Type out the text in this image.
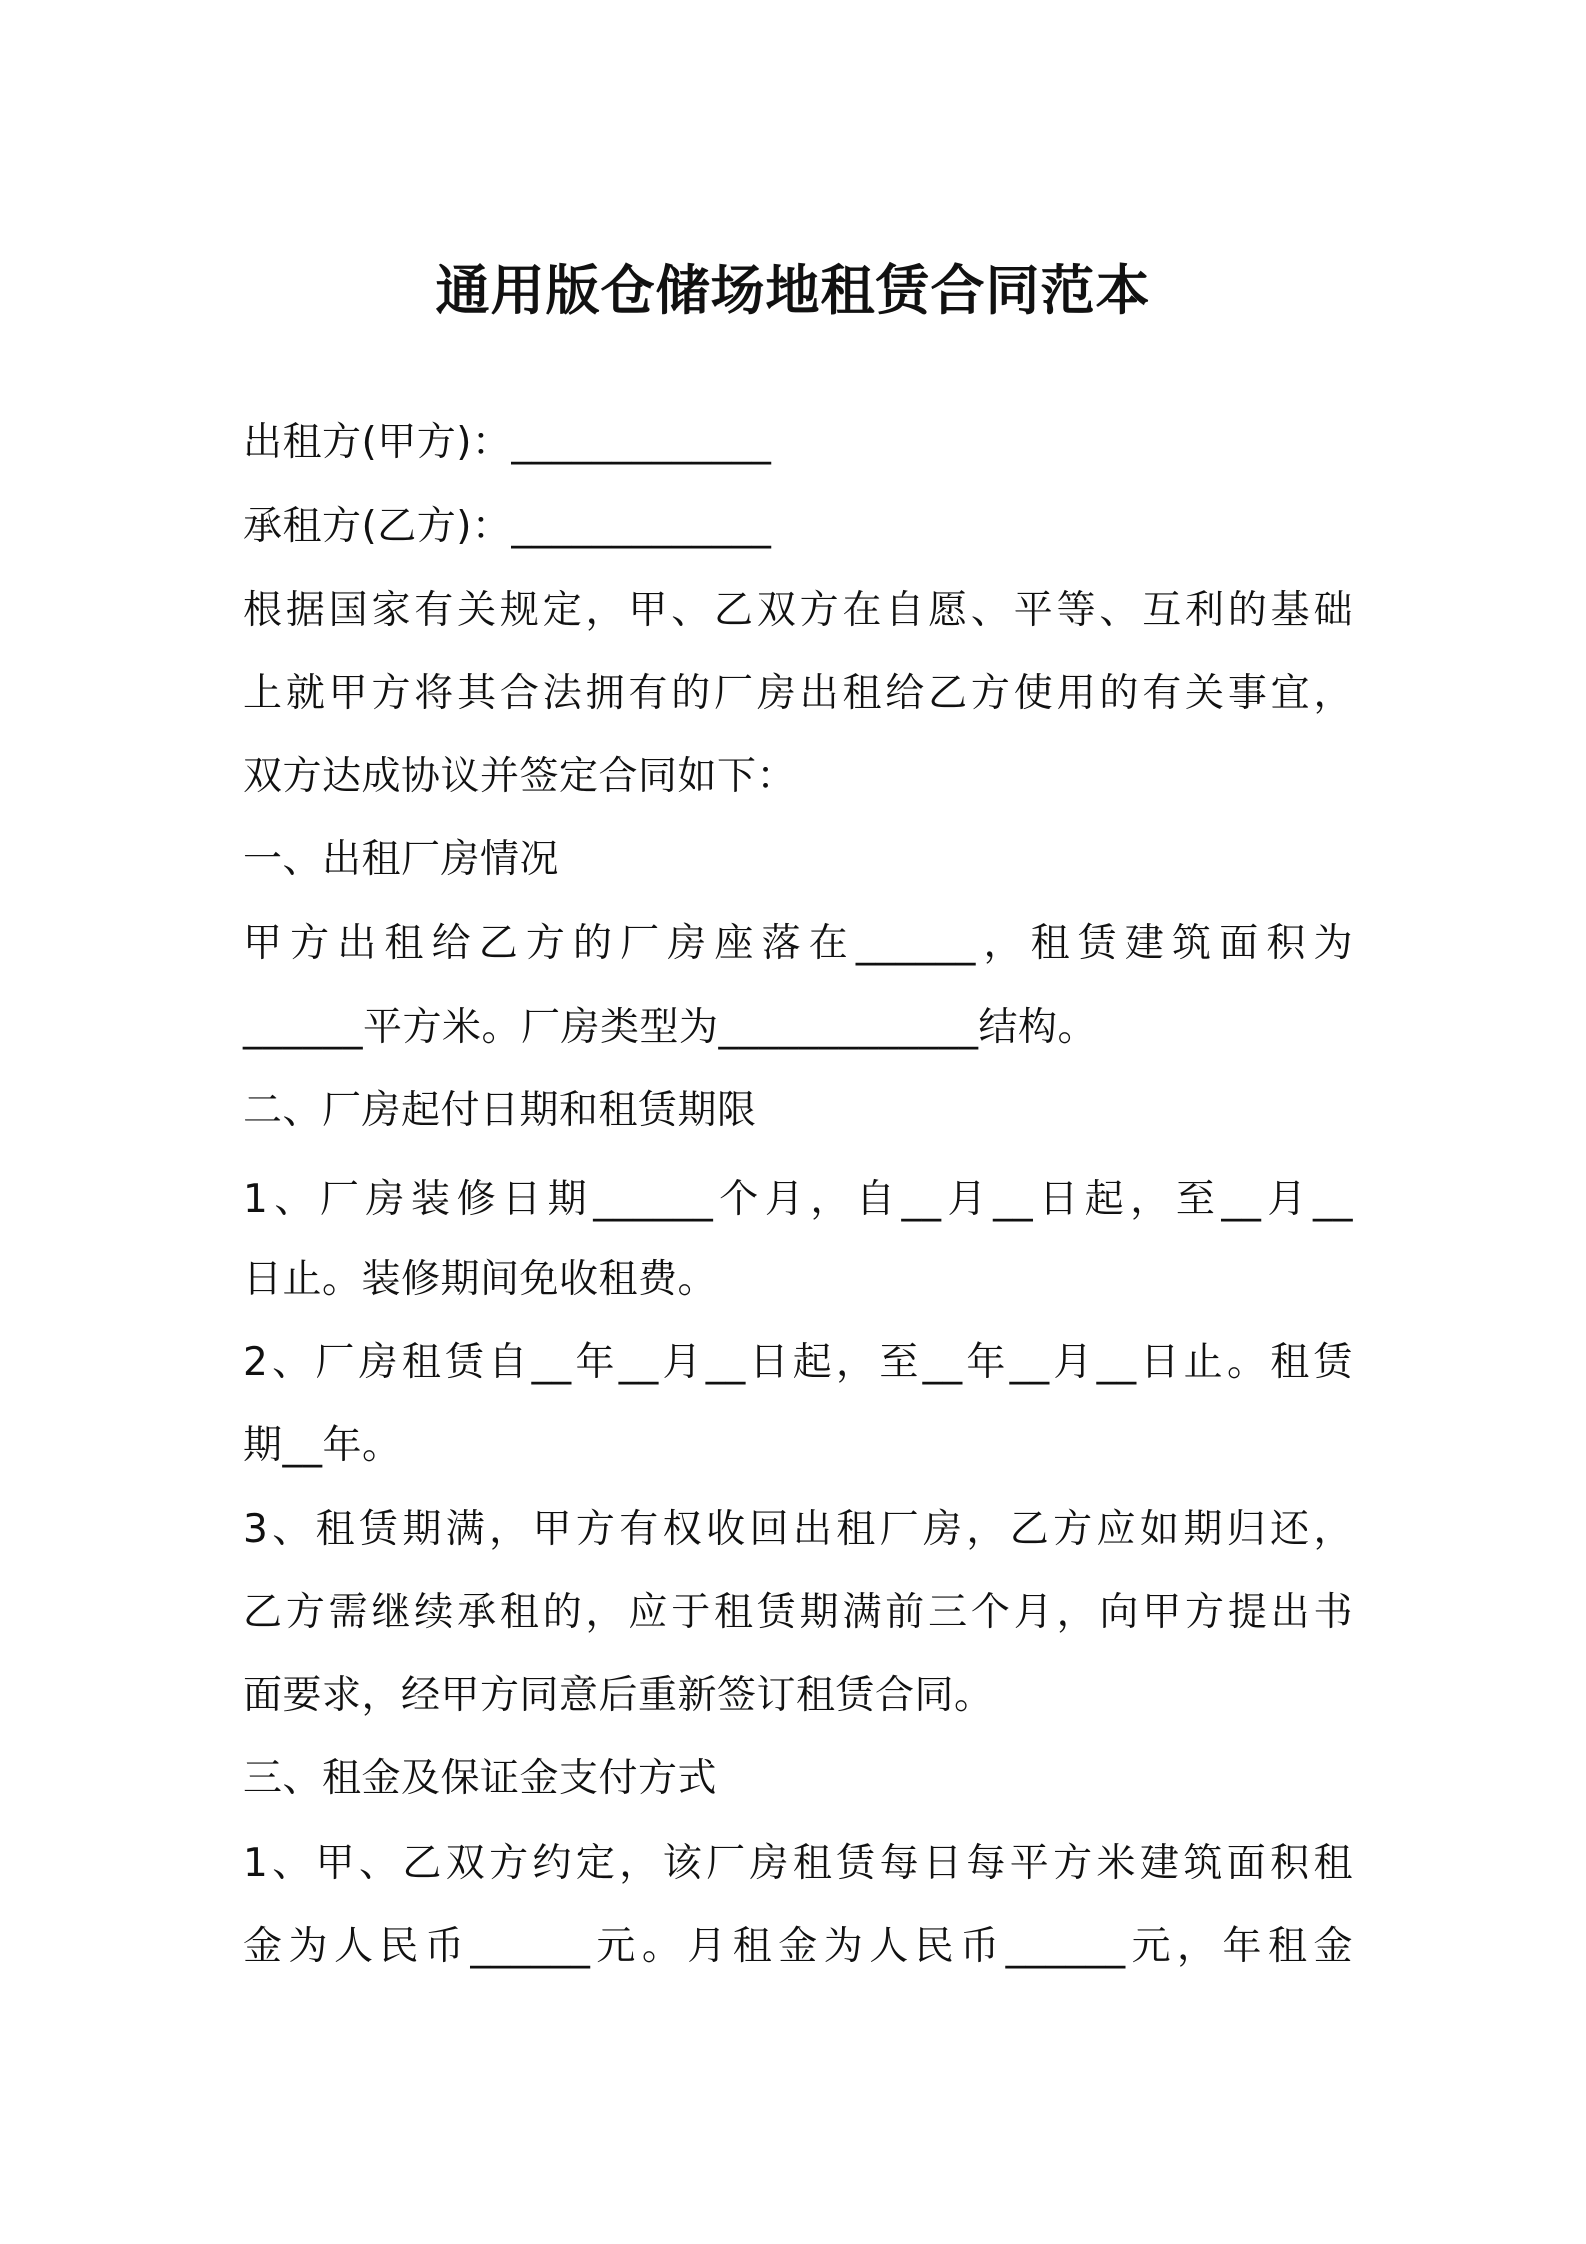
通用版仓储场地租赁合同范本
出租方(甲方)：_____________
承租方(乙方)：_____________
根据国家有关规定，甲、乙双方在自愿、平等、互利的基础
上就甲方将其合法拥有的厂房出租给乙方使用的有关事宜，
双方达成协议并签定合同如下：
一、出租厂房情况
甲方出租给乙方的厂房座落在______，租赁建筑面积为
______平方米。厂房类型为_____________结构。
二、厂房起付日期和租赁期限
1、厂房装修日期______个月，自__月__日起，至__月__
日止。装修期间免收租费。
2、厂房租赁自__年__月__日起，至__年__月__日止。租赁
期__年。
3、租赁期满，甲方有权收回出租厂房，乙方应如期归还，
乙方需继续承租的，应于租赁期满前三个月，向甲方提出书
面要求，经甲方同意后重新签订租赁合同。
三、租金及保证金支付方式
1、甲、乙双方约定，该厂房租赁每日每平方米建筑面积租
金为人民币______元。月租金为人民币______元，年租金
